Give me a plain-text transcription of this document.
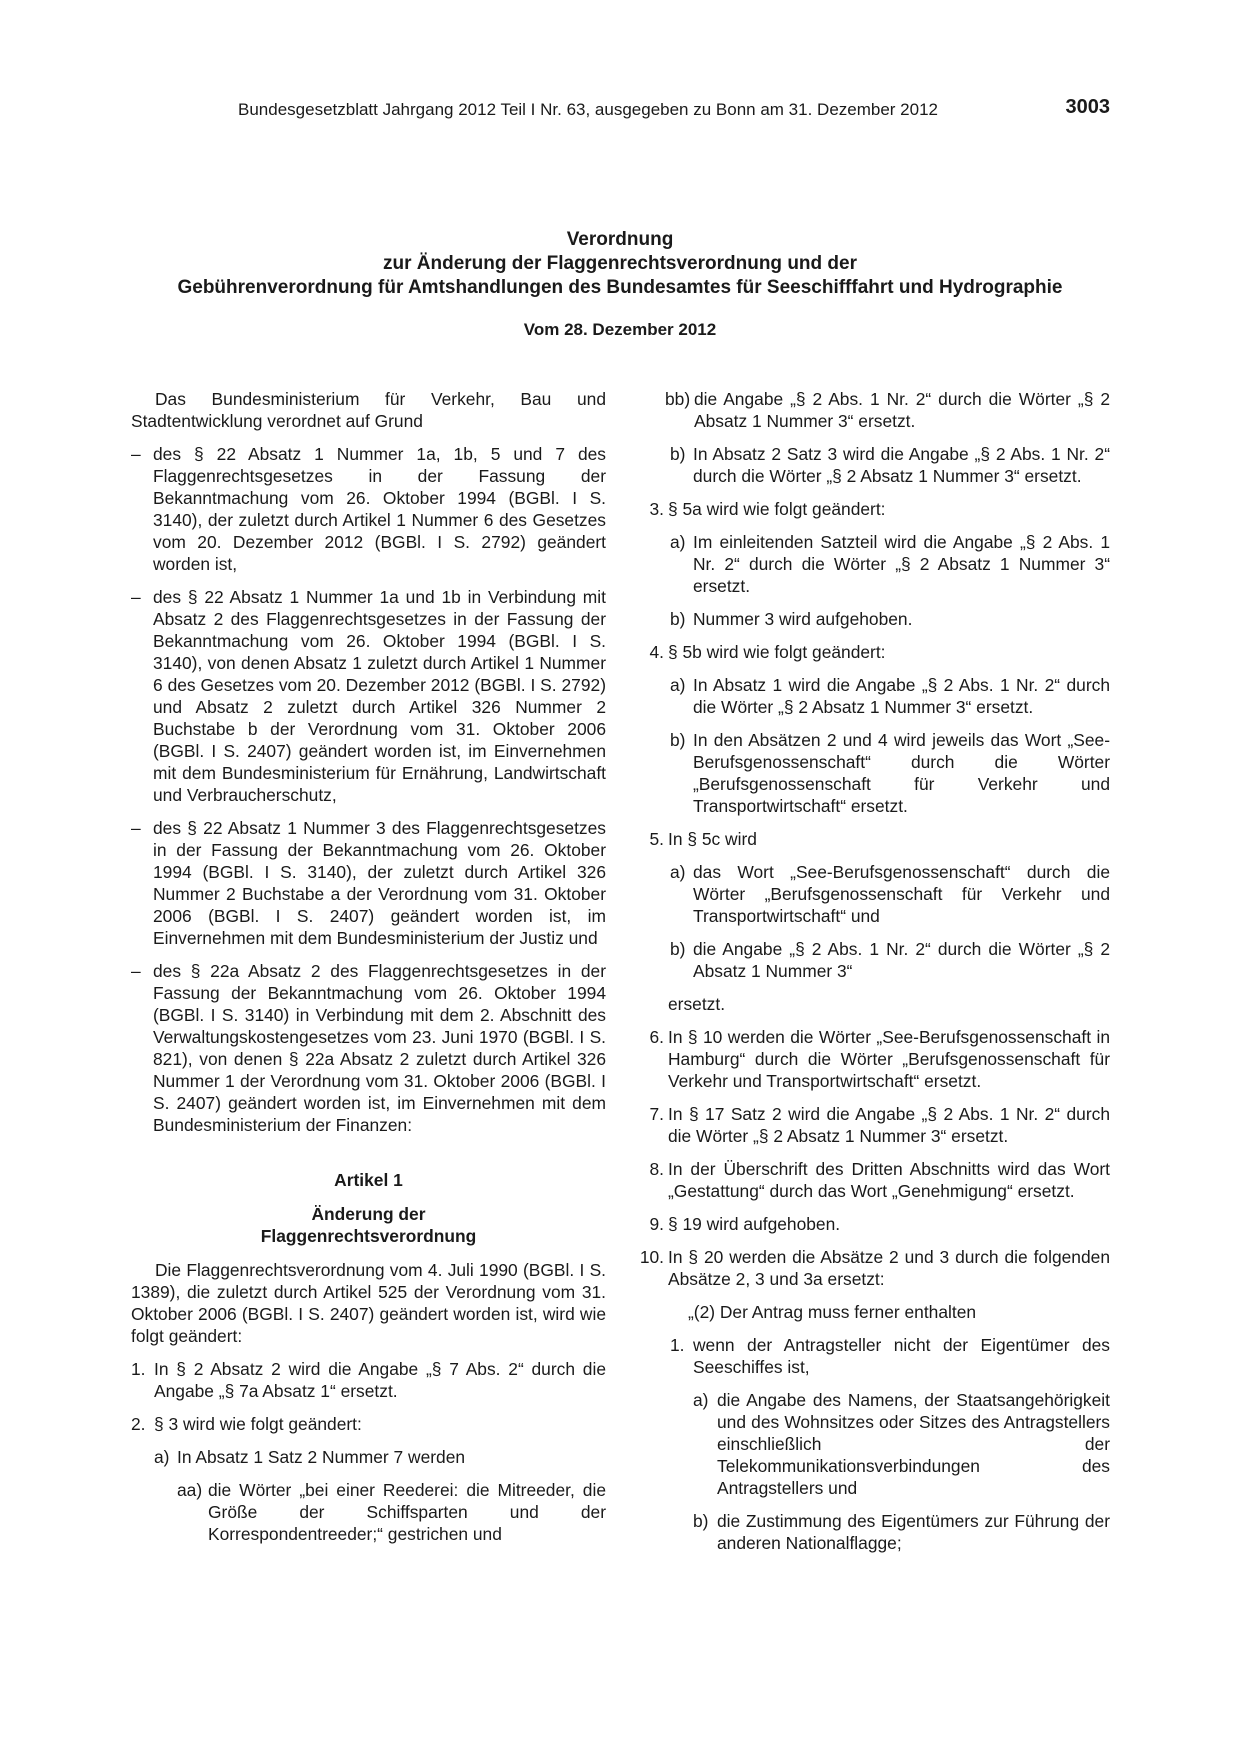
Bundesgesetzblatt Jahrgang 2012 Teil I Nr. 63, ausgegeben zu Bonn am 31. Dezember 2012	3003
Verordnung
zur Änderung der Flaggenrechtsverordnung und der
Gebührenverordnung für Amtshandlungen des Bundesamtes für Seeschifffahrt und Hydrographie
Vom 28. Dezember 2012

Das Bundesministerium für Verkehr, Bau und Stadtentwicklung verordnet auf Grund

– des § 22 Absatz 1 Nummer 1a, 1b, 5 und 7 des Flaggenrechtsgesetzes in der Fassung der Bekanntmachung vom 26. Oktober 1994 (BGBl. I S. 3140), der zuletzt durch Artikel 1 Nummer 6 des Gesetzes vom 20. Dezember 2012 (BGBl. I S. 2792) geändert worden ist,
– des § 22 Absatz 1 Nummer 1a und 1b in Verbindung mit Absatz 2 des Flaggenrechtsgesetzes in der Fassung der Bekanntmachung vom 26. Oktober 1994 (BGBl. I S. 3140), von denen Absatz 1 zuletzt durch Artikel 1 Nummer 6 des Gesetzes vom 20. Dezember 2012 (BGBl. I S. 2792) und Absatz 2 zuletzt durch Artikel 326 Nummer 2 Buchstabe b der Verordnung vom 31. Oktober 2006 (BGBl. I S. 2407) geändert worden ist, im Einvernehmen mit dem Bundesministerium für Ernährung, Landwirtschaft und Verbraucherschutz,
– des § 22 Absatz 1 Nummer 3 des Flaggenrechtsgesetzes in der Fassung der Bekanntmachung vom 26. Oktober 1994 (BGBl. I S. 3140), der zuletzt durch Artikel 326 Nummer 2 Buchstabe a der Verordnung vom 31. Oktober 2006 (BGBl. I S. 2407) geändert worden ist, im Einvernehmen mit dem Bundesministerium der Justiz und
– des § 22a Absatz 2 des Flaggenrechtsgesetzes in der Fassung der Bekanntmachung vom 26. Oktober 1994 (BGBl. I S. 3140) in Verbindung mit dem 2. Abschnitt des Verwaltungskostengesetzes vom 23. Juni 1970 (BGBl. I S. 821), von denen § 22a Absatz 2 zuletzt durch Artikel 326 Nummer 1 der Verordnung vom 31. Oktober 2006 (BGBl. I S. 2407) geändert worden ist, im Einvernehmen mit dem Bundesministerium der Finanzen:
Artikel 1
Änderung der
Flaggenrechtsverordnung

Die Flaggenrechtsverordnung vom 4. Juli 1990 (BGBl. I S. 1389), die zuletzt durch Artikel 525 der Verordnung vom 31. Oktober 2006 (BGBl. I S. 2407) geändert worden ist, wird wie folgt geändert:

1. In § 2 Absatz 2 wird die Angabe „§ 7 Abs. 2“ durch die Angabe „§ 7a Absatz 1“ ersetzt.
2. § 3 wird wie folgt geändert:
a) In Absatz 1 Satz 2 Nummer 7 werden
aa) die Wörter „bei einer Reederei: die Mitreeder, die Größe der Schiffsparten und der Korrespondentreeder;“ gestrichen und
bb) die Angabe „§ 2 Abs. 1 Nr. 2“ durch die Wörter „§ 2 Absatz 1 Nummer 3“ ersetzt.
b) In Absatz 2 Satz 3 wird die Angabe „§ 2 Abs. 1 Nr. 2“ durch die Wörter „§ 2 Absatz 1 Nummer 3“ ersetzt.
3. § 5a wird wie folgt geändert:
a) Im einleitenden Satzteil wird die Angabe „§ 2 Abs. 1 Nr. 2“ durch die Wörter „§ 2 Absatz 1 Nummer 3“ ersetzt.
b) Nummer 3 wird aufgehoben.
4. § 5b wird wie folgt geändert:
a) In Absatz 1 wird die Angabe „§ 2 Abs. 1 Nr. 2“ durch die Wörter „§ 2 Absatz 1 Nummer 3“ ersetzt.
b) In den Absätzen 2 und 4 wird jeweils das Wort „See-Berufsgenossenschaft“ durch die Wörter „Berufsgenossenschaft für Verkehr und Transportwirtschaft“ ersetzt.
5. In § 5c wird
a) das Wort „See-Berufsgenossenschaft“ durch die Wörter „Berufsgenossenschaft für Verkehr und Transportwirtschaft“ und
b) die Angabe „§ 2 Abs. 1 Nr. 2“ durch die Wörter „§ 2 Absatz 1 Nummer 3“
ersetzt.
6. In § 10 werden die Wörter „See-Berufsgenossenschaft in Hamburg“ durch die Wörter „Berufsgenossenschaft für Verkehr und Transportwirtschaft“ ersetzt.
7. In § 17 Satz 2 wird die Angabe „§ 2 Abs. 1 Nr. 2“ durch die Wörter „§ 2 Absatz 1 Nummer 3“ ersetzt.
8. In der Überschrift des Dritten Abschnitts wird das Wort „Gestattung“ durch das Wort „Genehmigung“ ersetzt.
9. § 19 wird aufgehoben.
10. In § 20 werden die Absätze 2 und 3 durch die folgenden Absätze 2, 3 und 3a ersetzt:
„(2) Der Antrag muss ferner enthalten
1. wenn der Antragsteller nicht der Eigentümer des Seeschiffes ist,
a) die Angabe des Namens, der Staatsangehörigkeit und des Wohnsitzes oder Sitzes des Antragstellers einschließlich der Telekommunikationsverbindungen des Antragstellers und
b) die Zustimmung des Eigentümers zur Führung der anderen Nationalflagge;
